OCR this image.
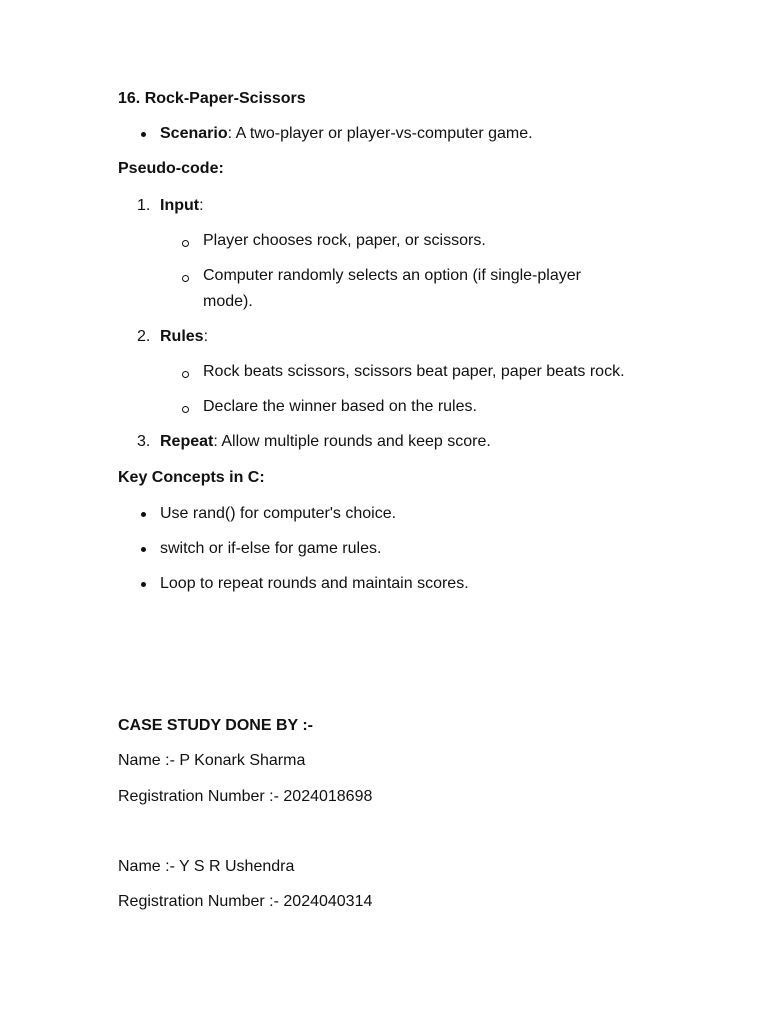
16. Rock-Paper-Scissors
Scenario: A two-player or player-vs-computer game.
Pseudo-code:
1. Input:
Player chooses rock, paper, or scissors.
Computer randomly selects an option (if single-player
mode).
2. Rules:
Rock beats scissors, scissors beat paper, paper beats rock.
Declare the winner based on the rules.
3. Repeat: Allow multiple rounds and keep score.
Key Concepts in C:
Use rand() for computer's choice.
switch or if-else for game rules.
Loop to repeat rounds and maintain scores.
CASE STUDY DONE BY :-
Name :- P Konark Sharma
Registration Number :- 2024018698
Name :- Y S R Ushendra
Registration Number :- 2024040314
